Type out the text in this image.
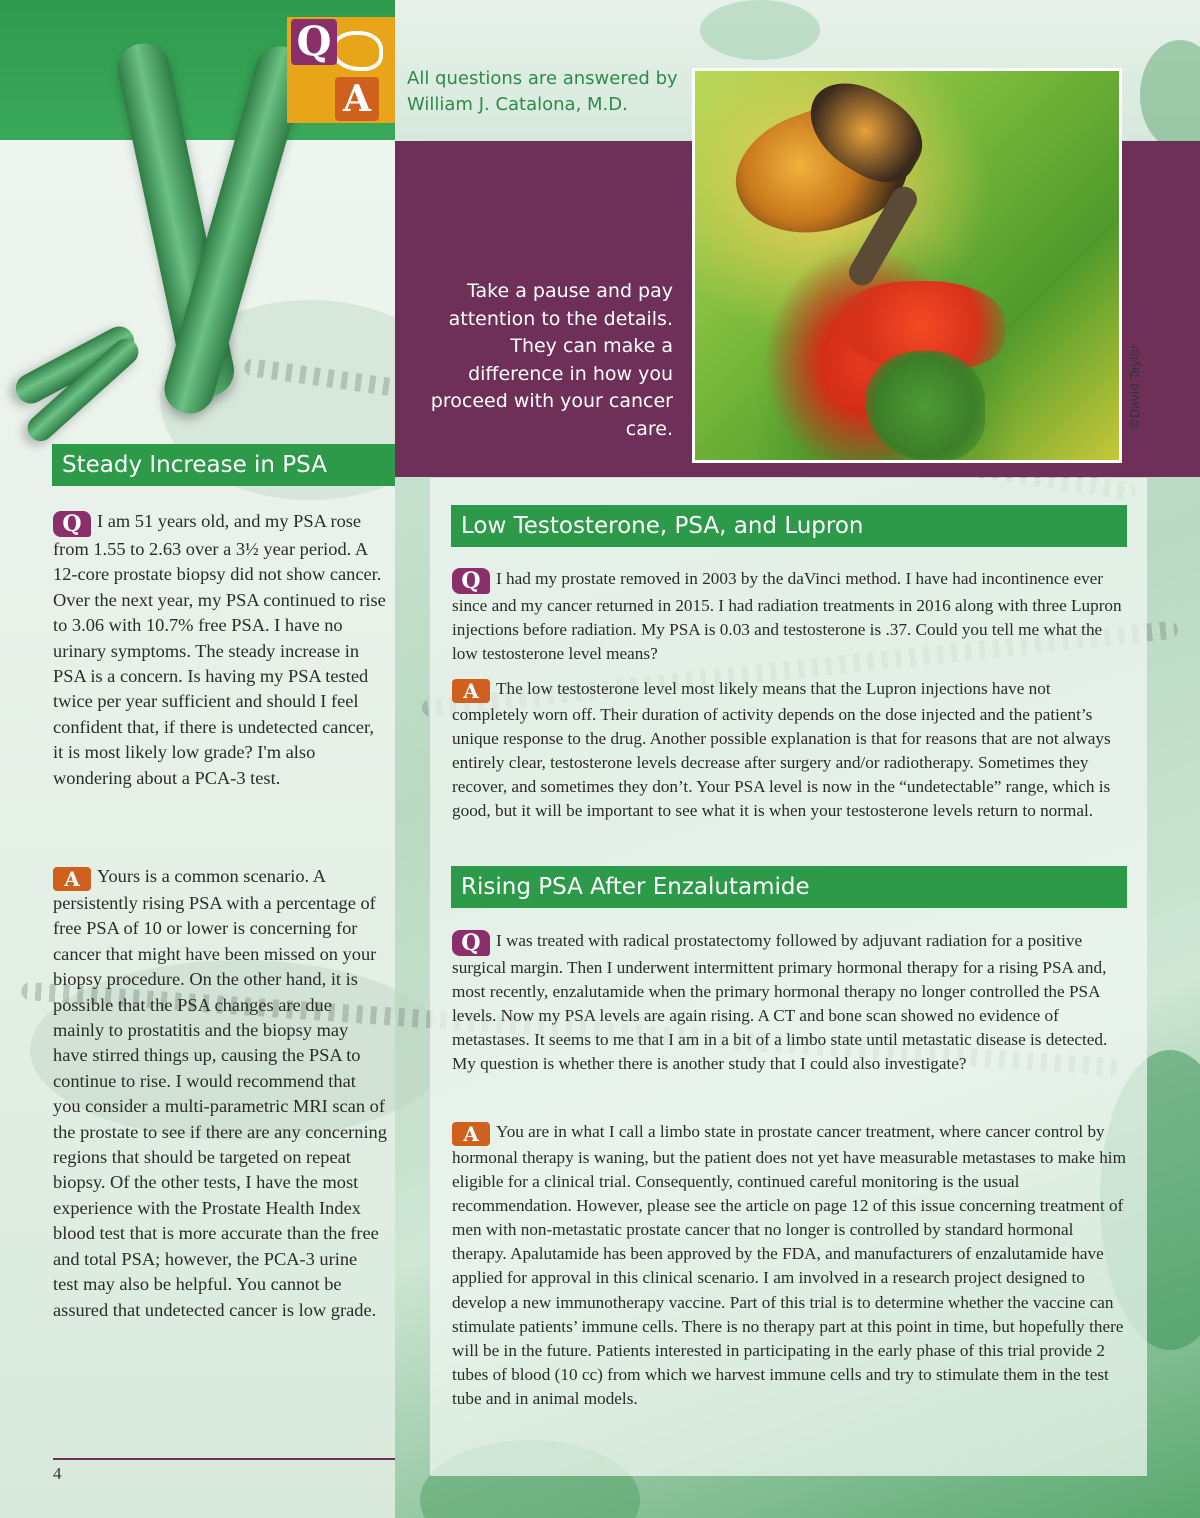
Q
A	All questions are answered by William J. Catalona, M.D.
Take a pause and pay attention to the details. They can make a difference in how you proceed with your cancer care.	©David Taylor
Steady Increase in PSA
Q I am 51 years old, and my PSA rose from 1.55 to 2.63 over a 3½ year period. A 12-core prostate biopsy did not show cancer. Over the next year, my PSA continued to rise to 3.06 with 10.7% free PSA. I have no urinary symptoms. The steady increase in PSA is a concern. Is having my PSA tested twice per year sufficient and should I feel confident that, if there is undetected cancer, it is most likely low grade? I'm also wondering about a PCA-3 test.
A Yours is a common scenario. A persistently rising PSA with a percentage of free PSA of 10 or lower is concerning for cancer that might have been missed on your biopsy procedure. On the other hand, it is possible that the PSA changes are due mainly to prostatitis and the biopsy may have stirred things up, causing the PSA to continue to rise. I would recommend that you consider a multi-parametric MRI scan of the prostate to see if there are any concerning regions that should be targeted on repeat biopsy. Of the other tests, I have the most experience with the Prostate Health Index blood test that is more accurate than the free and total PSA; however, the PCA-3 urine test may also be helpful. You cannot be assured that undetected cancer is low grade.
4
Low Testosterone, PSA, and Lupron
Q I had my prostate removed in 2003 by the daVinci method. I have had incontinence ever since and my cancer returned in 2015. I had radiation treatments in 2016 along with three Lupron injections before radiation. My PSA is 0.03 and testosterone is .37. Could you tell me what the low testosterone level means?
A The low testosterone level most likely means that the Lupron injections have not completely worn off. Their duration of activity depends on the dose injected and the patient’s unique response to the drug. Another possible explanation is that for reasons that are not always entirely clear, testosterone levels decrease after surgery and/or radiotherapy. Sometimes they recover, and sometimes they don’t. Your PSA level is now in the “undetectable” range, which is good, but it will be important to see what it is when your testosterone levels return to normal.
Rising PSA After Enzalutamide
Q I was treated with radical prostatectomy followed by adjuvant radiation for a positive surgical margin. Then I underwent intermittent primary hormonal therapy for a rising PSA and, most recently, enzalutamide when the primary hormonal therapy no longer controlled the PSA levels. Now my PSA levels are again rising. A CT and bone scan showed no evidence of metastases. It seems to me that I am in a bit of a limbo state until metastatic disease is detected. My question is whether there is another study that I could also investigate?
A You are in what I call a limbo state in prostate cancer treatment, where cancer control by hormonal therapy is waning, but the patient does not yet have measurable metastases to make him eligible for a clinical trial. Consequently, continued careful monitoring is the usual recommendation. However, please see the article on page 12 of this issue concerning treatment of men with non-metastatic prostate cancer that no longer is controlled by standard hormonal therapy. Apalutamide has been approved by the FDA, and manufacturers of enzalutamide have applied for approval in this clinical scenario. I am involved in a research project designed to develop a new immunotherapy vaccine. Part of this trial is to determine whether the vaccine can stimulate patients’ immune cells. There is no therapy part at this point in time, but hopefully there will be in the future. Patients interested in participating in the early phase of this trial provide 2 tubes of blood (10 cc) from which we harvest immune cells and try to stimulate them in the test tube and in animal models.
